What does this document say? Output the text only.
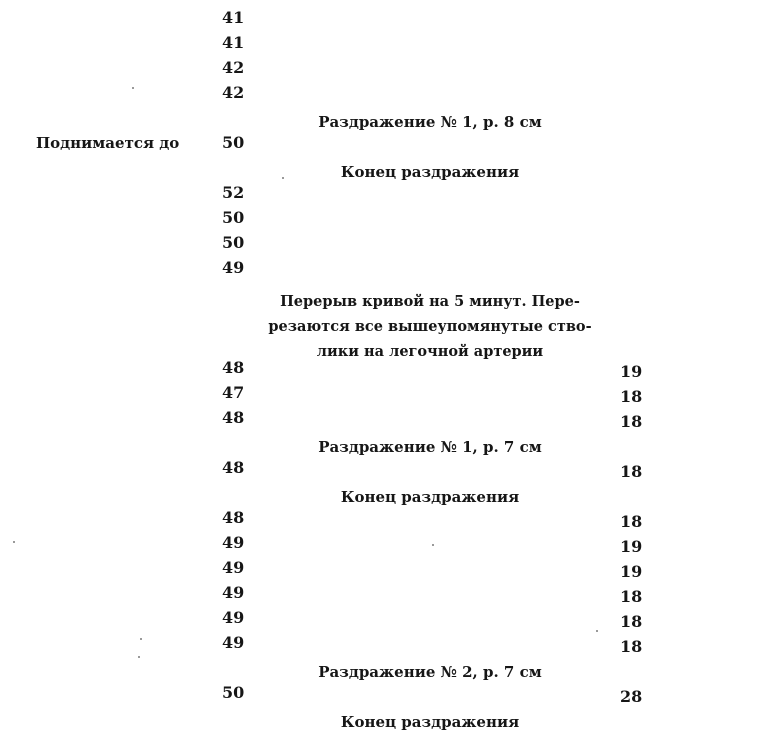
41
41
42
42
Раздражение № 1, р. 8 см
Поднимается до	50
Конец раздражения
52
50
50
49
Перерыв кривой на 5 минут. Пере-
резаются все вышеупомянутые ство-
лики на легочной артерии
48	19
47	18
48	18
Раздражение № 1, р. 7 см
48	18
Конец раздражения
48	18
49	19
49	19
49	18
49	18
49	18
Раздражение № 2, р. 7 см
50	28
Конец раздражения
